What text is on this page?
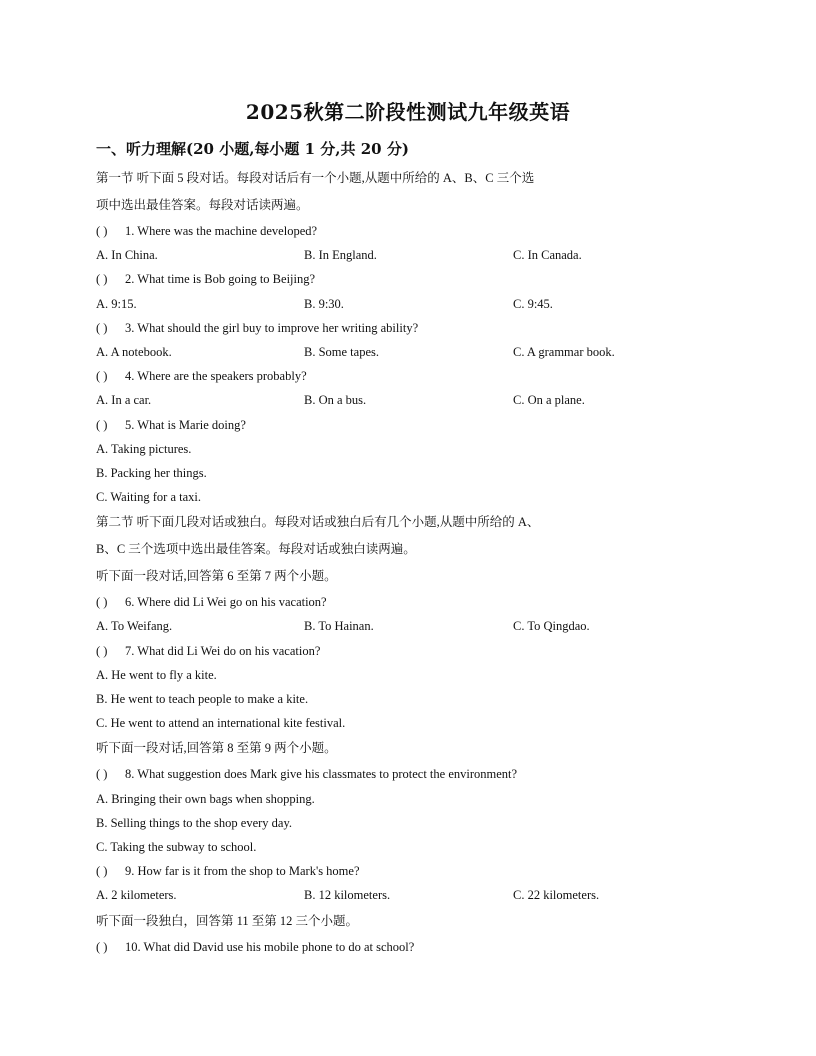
2025秋第二阶段性测试九年级英语
一、听力理解(20 小题,每小题 1 分,共 20 分)
第一节 听下面 5 段对话。每段对话后有一个小题,从题中所给的 A、B、C 三个选
项中选出最佳答案。每段对话读两遍。
( ) 1. Where was the machine developed?
A. In China.	B. In England.	C. In Canada.
( ) 2. What time is Bob going to Beijing?
A. 9:15.	B. 9:30.	C. 9:45.
( ) 3. What should the girl buy to improve her writing ability?
A. A notebook.	B. Some tapes.	C. A grammar book.
( ) 4. Where are the speakers probably?
A. In a car.	B. On a bus.	C. On a plane.
( ) 5. What is Marie doing?
A. Taking pictures.
B. Packing her things.
C. Waiting for a taxi.
第二节 听下面几段对话或独白。每段对话或独白后有几个小题,从题中所给的 A、
B、C 三个选项中选出最佳答案。每段对话或独白读两遍。
听下面一段对话,回答第 6 至第 7 两个小题。
( ) 6. Where did Li Wei go on his vacation?
A. To Weifang.	B. To Hainan.	C. To Qingdao.
( ) 7. What did Li Wei do on his vacation?
A. He went to fly a kite.
B. He went to teach people to make a kite.
C. He went to attend an international kite festival.
听下面一段对话,回答第 8 至第 9 两个小题。
( ) 8. What suggestion does Mark give his classmates to protect the environment?
A. Bringing their own bags when shopping.
B. Selling things to the shop every day.
C. Taking the subway to school.
( ) 9. How far is it from the shop to Mark's home?
A. 2 kilometers.	B. 12 kilometers.	C. 22 kilometers.
听下面一段独白，回答第 11 至第 12 三个小题。
( ) 10. What did David use his mobile phone to do at school?
